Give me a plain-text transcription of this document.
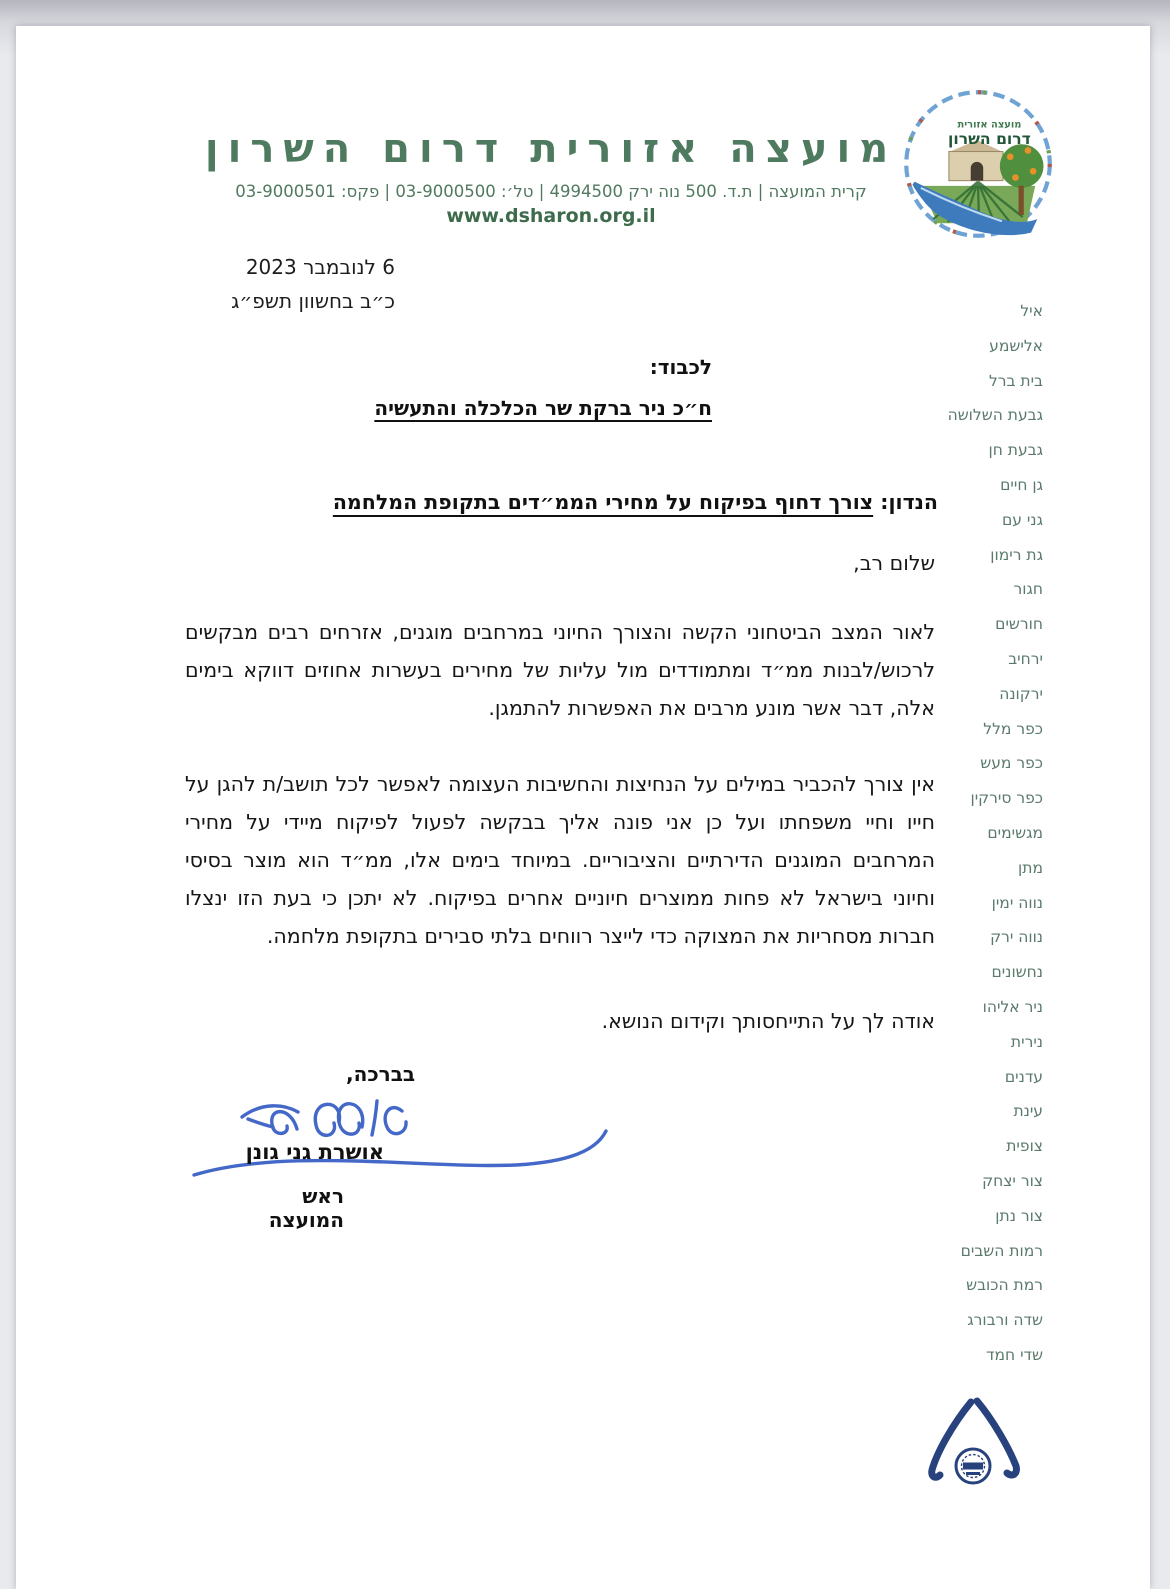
מועצה אזורית דרום השרון
קרית המועצה | ת.ד. 500 נוה ירק 4994500 | טל׳: 03-9000500 | פקס: 03-9000501
www.dsharon.org.il
מועצה אזורית
דרום השרון
6 לנובמבר 2023
כ״ב בחשוון תשפ״ג
לכבוד:
ח״כ ניר ברקת שר הכלכלה והתעשיה
הנדון: צורך דחוף בפיקוח על מחירי הממ״דים בתקופת המלחמה
שלום רב,
לאור המצב הביטחוני הקשה והצורך החיוני במרחבים מוגנים, אזרחים רבים מבקשים לרכוש/לבנות ממ״ד ומתמודדים מול עליות של מחירים בעשרות אחוזים דווקא בימים אלה, דבר אשר מונע מרבים את האפשרות להתמגן.
אין צורך להכביר במילים על הנחיצות והחשיבות העצומה לאפשר לכל תושב/ת להגן על חייו וחיי משפחתו ועל כן אני פונה אליך בבקשה לפעול לפיקוח מיידי על מחירי המרחבים המוגנים הדירתיים והציבוריים. במיוחד בימים אלו, ממ״ד הוא מוצר בסיסי וחיוני בישראל לא פחות ממוצרים חיוניים אחרים בפיקוח. לא יתכן כי בעת הזו ינצלו חברות מסחריות את המצוקה כדי לייצר רווחים בלתי סבירים בתקופת מלחמה.
אודה לך על התייחסותך וקידום הנושא.
בברכה,
אושרת גני גונן
ראש המועצה
איל
אלישמע
בית ברל
גבעת השלושה
גבעת חן
גן חיים
גני עם
גת רימון
חגור
חורשים
ירחיב
ירקונה
כפר מלל
כפר מעש
כפר סירקין
מגשימים
מתן
נווה ימין
נווה ירק
נחשונים
ניר אליהו
נירית
עדנים
עינת
צופית
צור יצחק
צור נתן
רמות השבים
רמת הכובש
שדה ורבורג
שדי חמד
